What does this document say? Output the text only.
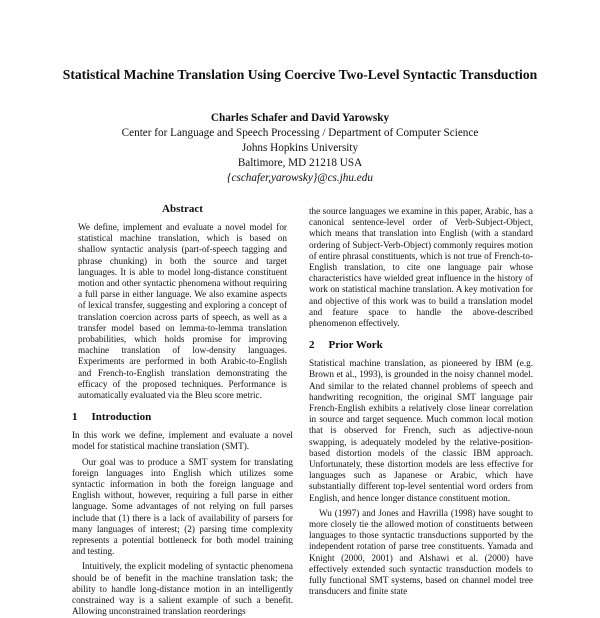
Statistical Machine Translation Using Coercive Two-Level Syntactic Transduction
Charles Schafer and David Yarowsky
Center for Language and Speech Processing / Department of Computer Science
Johns Hopkins University
Baltimore, MD 21218 USA
{cschafer,yarowsky}@cs.jhu.edu
Abstract

We define, implement and evaluate a novel model for statistical machine translation, which is based on shallow syntactic analysis (part-of-speech tagging and phrase chunking) in both the source and target languages. It is able to model long-distance constituent motion and other syntactic phenomena without requiring a full parse in either language. We also examine aspects of lexical transfer, suggesting and exploring a concept of translation coercion across parts of speech, as well as a transfer model based on lemma-to-lemma translation probabilities, which holds promise for improving machine translation of low-density languages. Experiments are performed in both Arabic-to-English and French-to-English translation demonstrating the efficacy of the proposed techniques. Performance is automatically evaluated via the Bleu score metric.

1 Introduction

In this work we define, implement and evaluate a novel model for statistical machine translation (SMT).

Our goal was to produce a SMT system for translating foreign languages into English which utilizes some syntactic information in both the foreign language and English without, however, requiring a full parse in either language. Some advantages of not relying on full parses include that (1) there is a lack of availability of parsers for many languages of interest; (2) parsing time complexity represents a potential bottleneck for both model training and testing.

Intuitively, the explicit modeling of syntactic phenomena should be of benefit in the machine translation task; the ability to handle long-distance motion in an intelligently constrained way is a salient example of such a benefit. Allowing unconstrained translation reorderings

the source languages we examine in this paper, Arabic, has a canonical sentence-level order of Verb-Subject-Object, which means that translation into English (with a standard ordering of Subject-Verb-Object) commonly requires motion of entire phrasal constituents, which is not true of French-to-English translation, to cite one language pair whose characteristics have wielded great influence in the history of work on statistical machine translation. A key motivation for and objective of this work was to build a translation model and feature space to handle the above-described phenomenon effectively.

2 Prior Work

Statistical machine translation, as pioneered by IBM (e.g. Brown et al., 1993), is grounded in the noisy channel model. And similar to the related channel problems of speech and handwriting recognition, the original SMT language pair French-English exhibits a relatively close linear correlation in source and target sequence. Much common local motion that is observed for French, such as adjective-noun swapping, is adequately modeled by the relative-position-based distortion models of the classic IBM approach. Unfortunately, these distortion models are less effective for languages such as Japanese or Arabic, which have substantially different top-level sentential word orders from English, and hence longer distance constituent motion.

Wu (1997) and Jones and Havrilla (1998) have sought to more closely tie the allowed motion of constituents between languages to those syntactic transductions supported by the independent rotation of parse tree constituents. Yamada and Knight (2000, 2001) and Alshawi et al. (2000) have effectively extended such syntactic transduction models to fully functional SMT systems, based on channel model tree transducers and finite state
